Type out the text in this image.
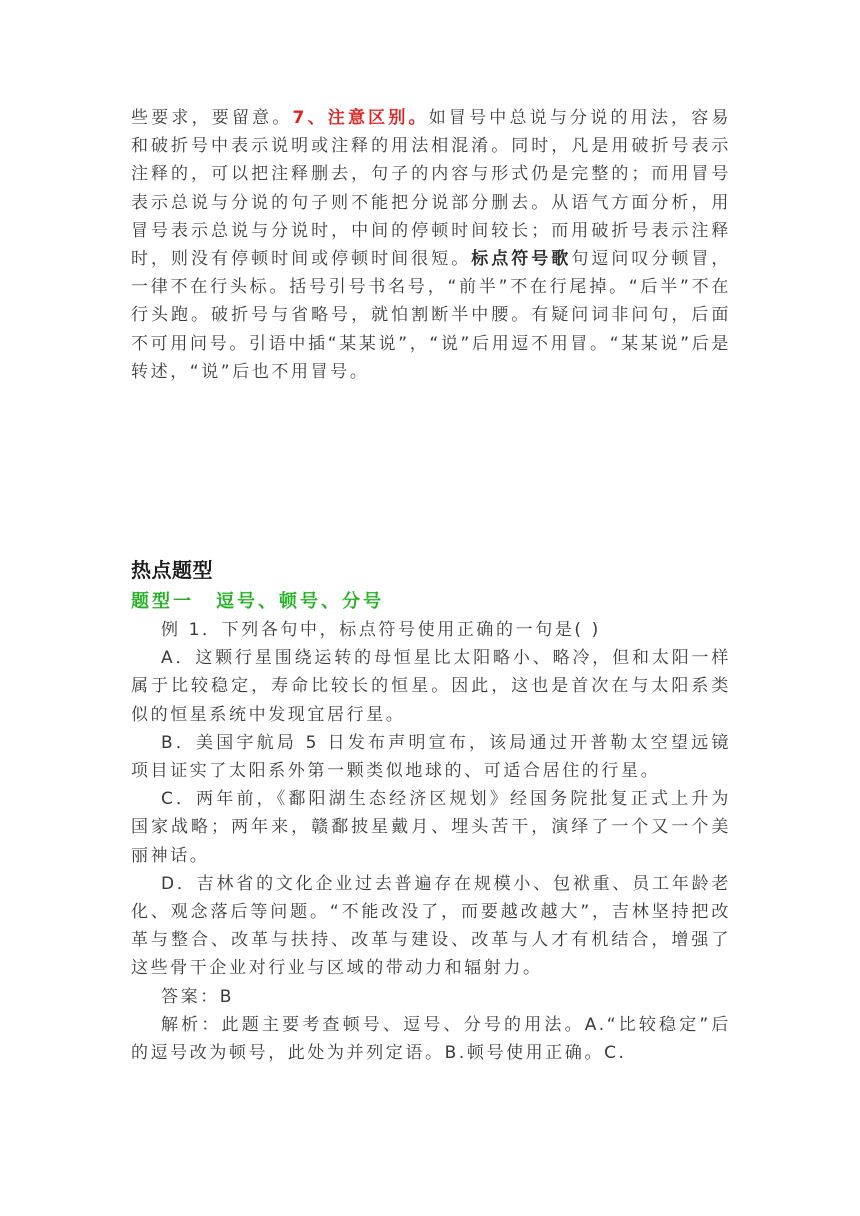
些要求，要留意。7、注意区别。如冒号中总说与分说的用法，容易和破折号中表示说明或注释的用法相混淆。同时，凡是用破折号表示注释的，可以把注释删去，句子的内容与形式仍是完整的；而用冒号表示总说与分说的句子则不能把分说部分删去。从语气方面分析，用冒号表示总说与分说时，中间的停顿时间较长；而用破折号表示注释时，则没有停顿时间或停顿时间很短。标点符号歌句逗问叹分顿冒，一律不在行头标。括号引号书名号，“前半”不在行尾掉。“后半”不在行头跑。破折号与省略号，就怕割断半中腰。有疑问词非问句，后面不可用问号。引语中插“某某说”，“说”后用逗不用冒。“某某说”后是转述，“说”后也不用冒号。

热点题型

题型一 逗号、顿号、分号

例 1．下列各句中，标点符号使用正确的一句是( )

A．这颗行星围绕运转的母恒星比太阳略小、略冷，但和太阳一样属于比较稳定，寿命比较长的恒星。因此，这也是首次在与太阳系类似的恒星系统中发现宜居行星。

B．美国宇航局 5 日发布声明宣布，该局通过开普勒太空望远镜项目证实了太阳系外第一颗类似地球的、可适合居住的行星。

C．两年前，《鄱阳湖生态经济区规划》经国务院批复正式上升为国家战略；两年来，赣鄱披星戴月、埋头苦干，演绎了一个又一个美丽神话。

D．吉林省的文化企业过去普遍存在规模小、包袱重、员工年龄老化、观念落后等问题。“不能改没了，而要越改越大”，吉林坚持把改革与整合、改革与扶持、改革与建设、改革与人才有机结合，增强了这些骨干企业对行业与区域的带动力和辐射力。

答案：B

解析：此题主要考查顿号、逗号、分号的用法。A.“比较稳定”后的逗号改为顿号，此处为并列定语。B.顿号使用正确。C.
